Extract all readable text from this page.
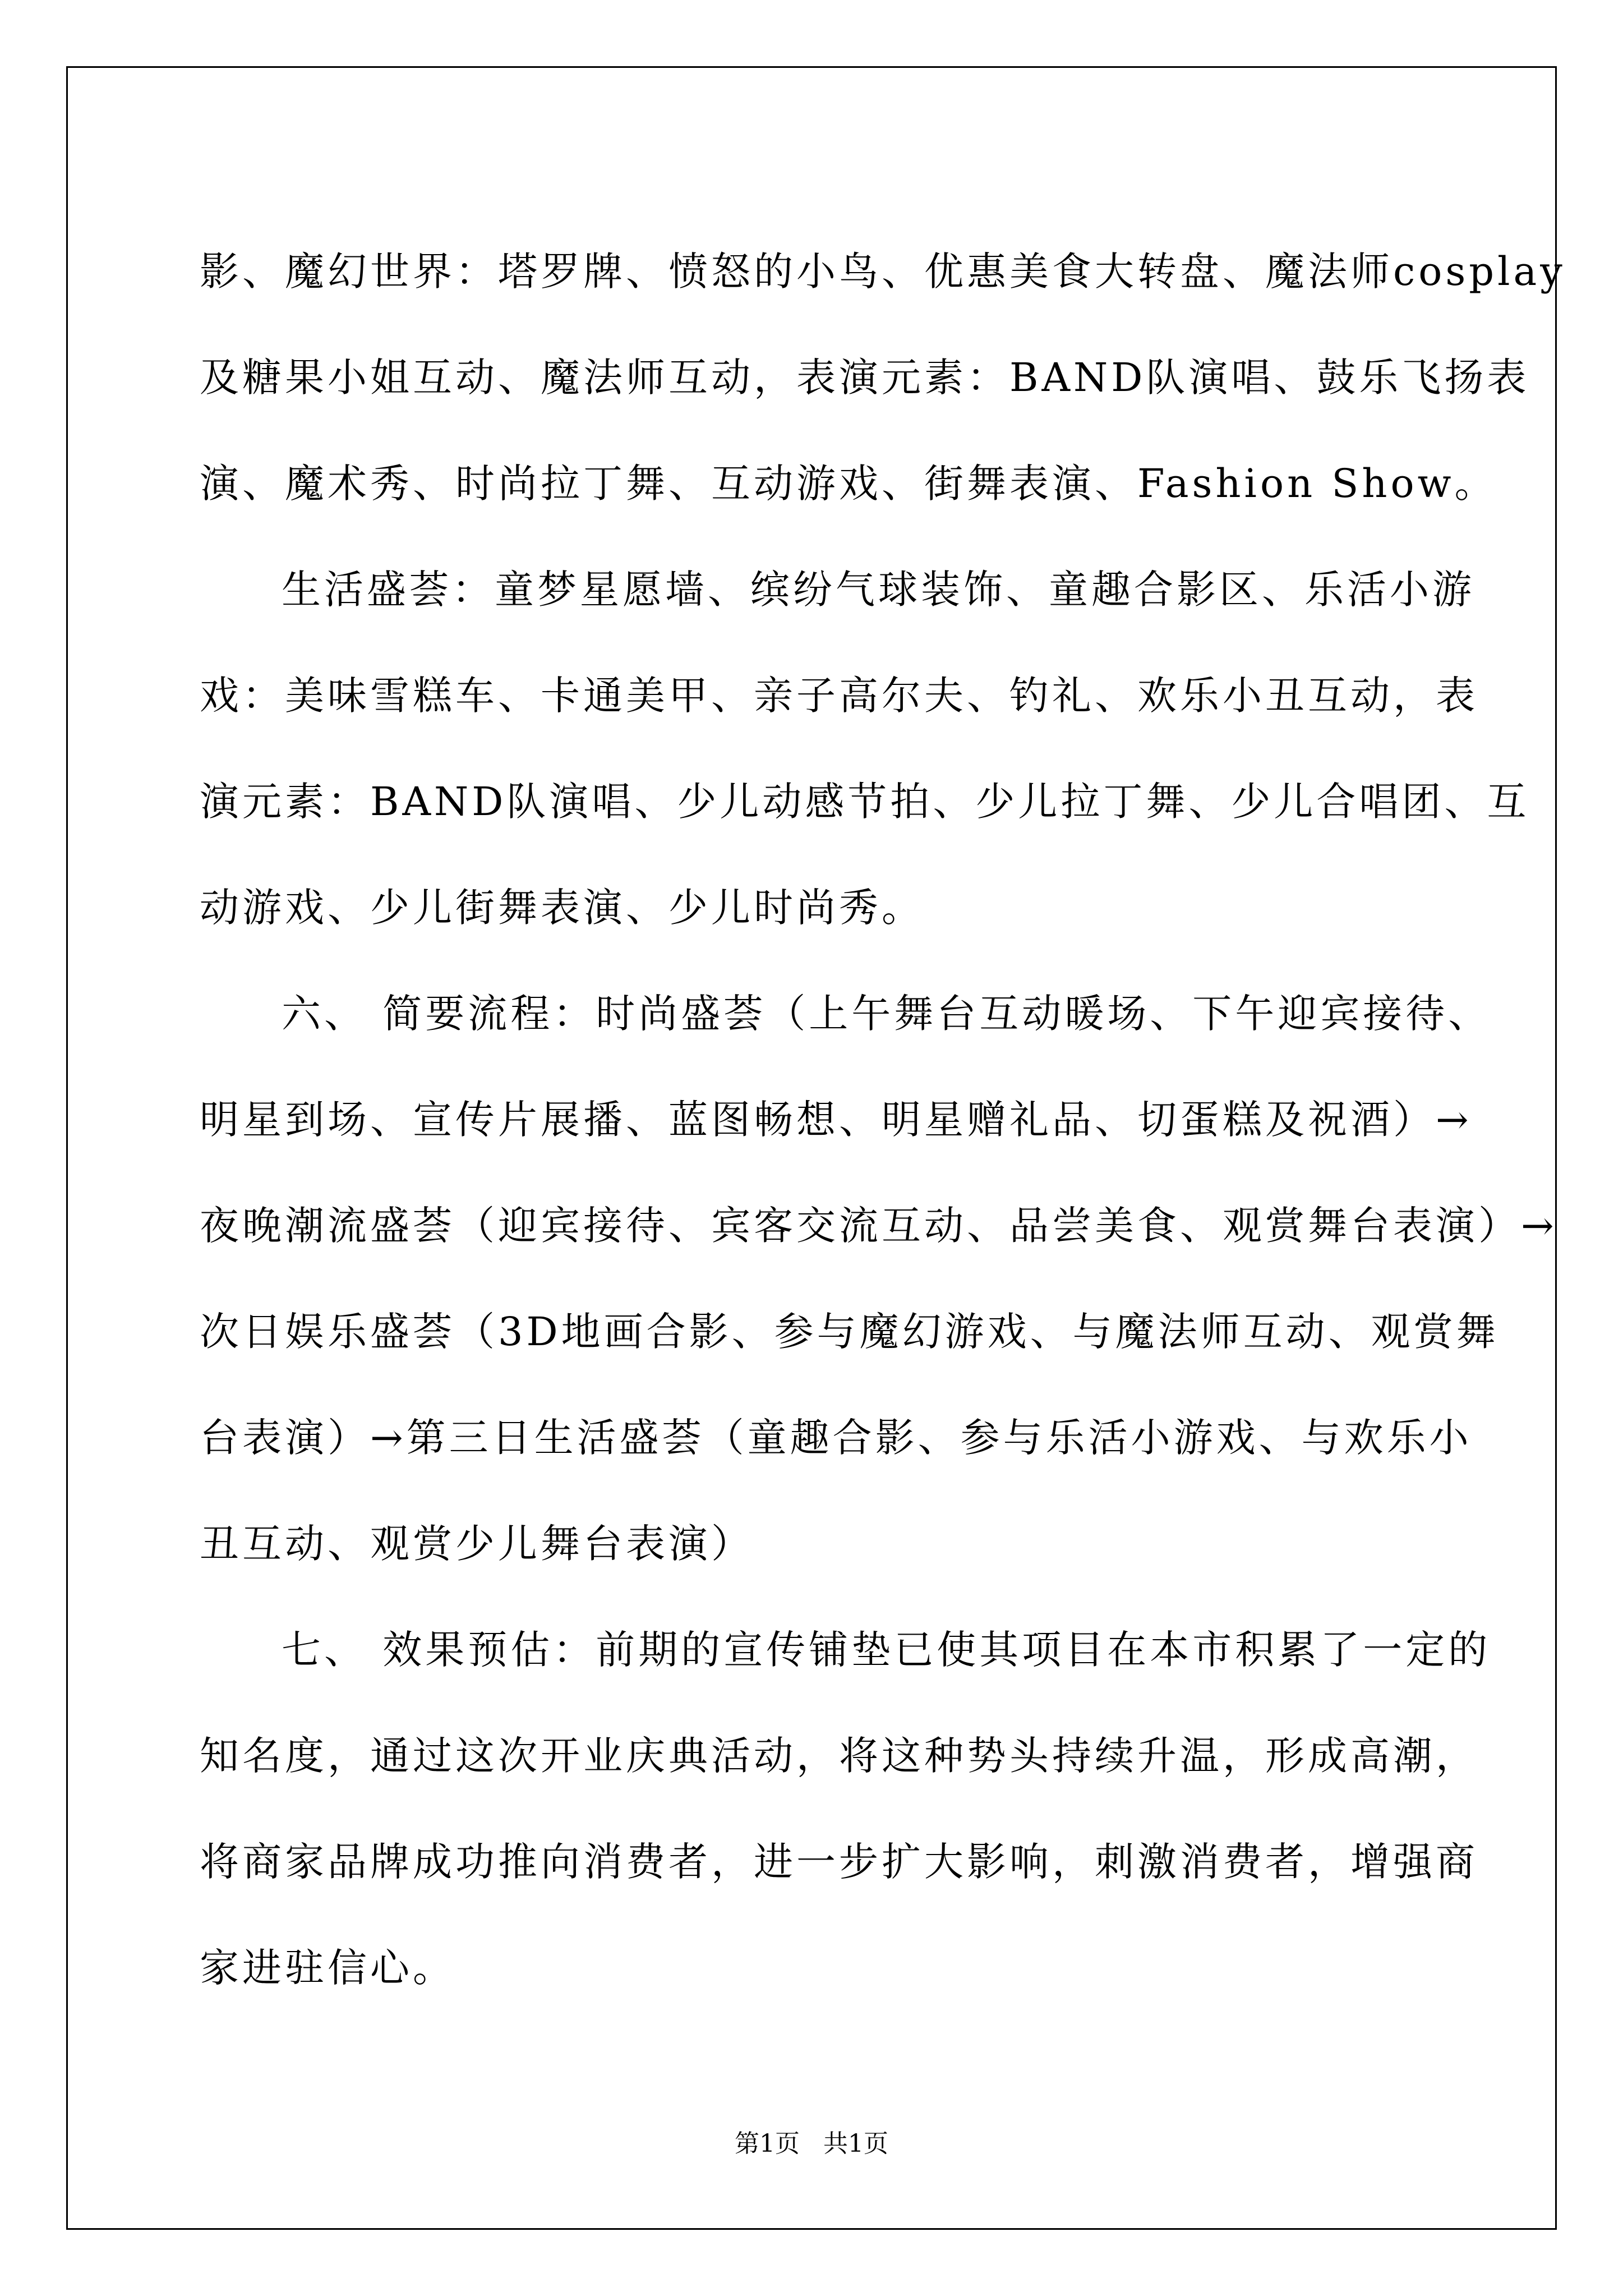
影、魔幻世界：塔罗牌、愤怒的小鸟、优惠美食大转盘、魔法师cosplay
及糖果小姐互动、魔法师互动，表演元素：BAND队演唱、鼓乐飞扬表
演、魔术秀、时尚拉丁舞、互动游戏、街舞表演、Fashion Show。

生活盛荟：童梦星愿墙、缤纷气球装饰、童趣合影区、乐活小游
戏：美味雪糕车、卡通美甲、亲子高尔夫、钓礼、欢乐小丑互动，表
演元素：BAND队演唱、少儿动感节拍、少儿拉丁舞、少儿合唱团、互
动游戏、少儿街舞表演、少儿时尚秀。

六、 简要流程：时尚盛荟（上午舞台互动暖场、下午迎宾接待、
明星到场、宣传片展播、蓝图畅想、明星赠礼品、切蛋糕及祝酒）→
夜晚潮流盛荟（迎宾接待、宾客交流互动、品尝美食、观赏舞台表演）→
次日娱乐盛荟（3D地画合影、参与魔幻游戏、与魔法师互动、观赏舞
台表演）→第三日生活盛荟（童趣合影、参与乐活小游戏、与欢乐小
丑互动、观赏少儿舞台表演）

七、 效果预估：前期的宣传铺垫已使其项目在本市积累了一定的
知名度，通过这次开业庆典活动，将这种势头持续升温，形成高潮，
将商家品牌成功推向消费者，进一步扩大影响，刺激消费者，增强商
家进驻信心。

第1页 共1页
